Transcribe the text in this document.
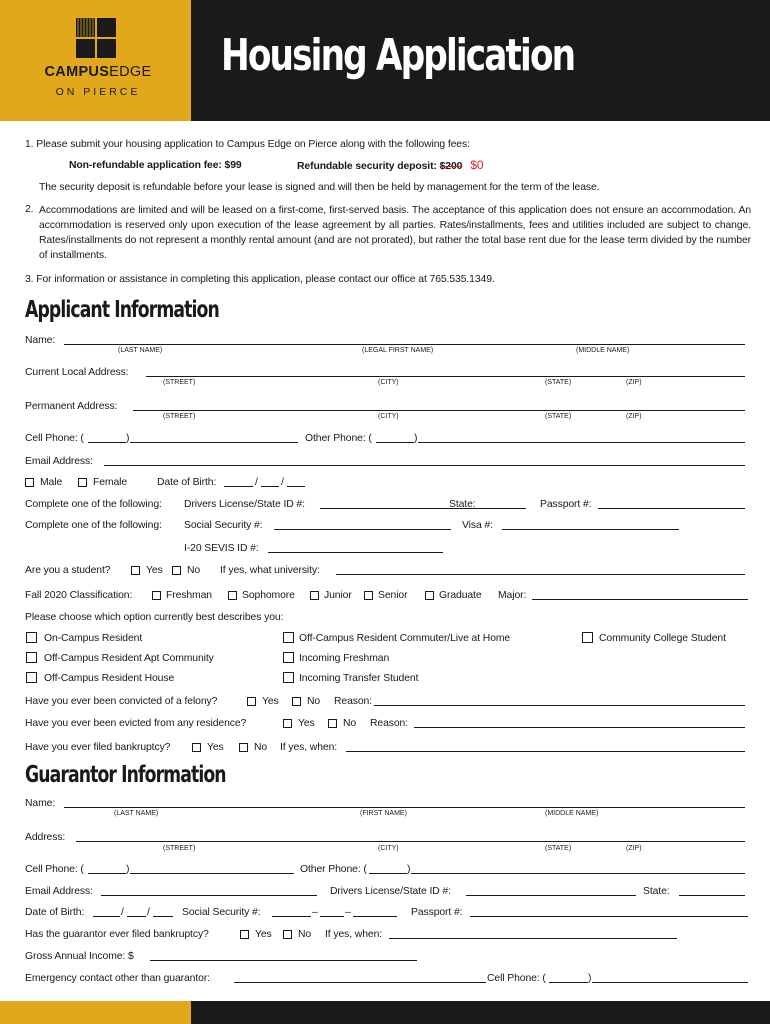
CAMPUSEDGE
ON PIERCE
Housing Application
1. Please submit your housing application to Campus Edge on Pierce along with the following fees:
Non-refundable application fee: $99	Refundable security deposit: $200 $0
The security deposit is refundable before your lease is signed and will then be held by management for the term of the lease.
2. Accommodations are limited and will be leased on a first-come, first-served basis. The acceptance of this application does not ensure an accommodation. An accommodation is reserved only upon execution of the lease agreement by all parties. Rates/installments, fees and utilities included are subject to change. Rates/installments do not represent a monthly rental amount (and are not prorated), but rather the total base rent due for the lease term divided by the number of installments.
3. For information or assistance in completing this application, please contact our office at 765.535.1349.
Applicant Information
Name:
(LAST NAME)	(LEGAL FIRST NAME)	(MIDDLE NAME)
Current Local Address:
(STREET)	(CITY)	(STATE)	(ZIP)
Permanent Address:
(STREET)	(CITY)	(STATE)	(ZIP)
Cell Phone: (	)	Other Phone: (	)
Email Address:
Male	Female	Date of Birth:	/ /
Complete one of the following: Drivers License/State ID #:	State:	Passport #:
Complete one of the following: Social Security #:	Visa #:
I-20 SEVIS ID #:
Are you a student?	Yes No If yes, what university:
Fall 2020 Classification:	Freshman	Sophomore	Junior	Senior	Graduate Major:
Please choose which option currently best describes you:
On-Campus Resident
Off-Campus Resident Apt Community
Off-Campus Resident House
Off-Campus Resident Commuter/Live at Home
Incoming Freshman
Incoming Transfer Student
Community College Student
Have you ever been convicted of a felony?	Yes	No Reason:
Have you ever been evicted from any residence?	Yes	No Reason:
Have you ever filed bankruptcy?	Yes	No If yes, when:
Guarantor Information
Name:
(LAST NAME)	(FIRST NAME)	(MIDDLE NAME)
Address:
(STREET)	(CITY)	(STATE)	(ZIP)
Cell Phone: (	)	Other Phone: (	)
Email Address:	Drivers License/State ID #:	State:
Date of Birth:	/ /	Social Security #:	–	–	Passport #:
Has the guarantor ever filed bankruptcy?	Yes	No If yes, when:
Gross Annual Income: $
Emergency contact other than guarantor:	Cell Phone: (	)
